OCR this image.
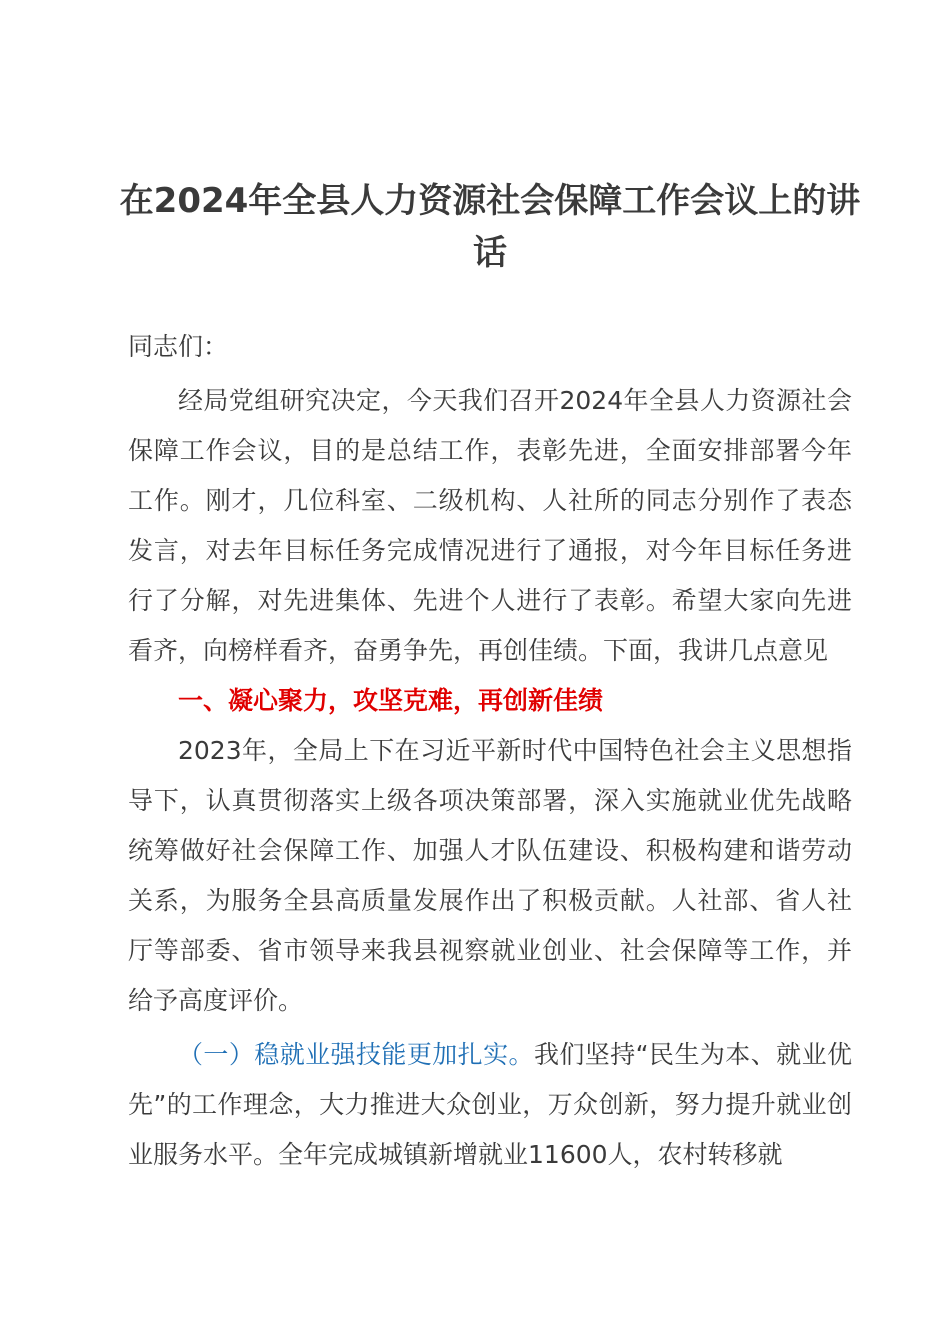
在2024年全县人力资源社会保障工作会议上的讲话

同志们：

经局党组研究决定，今天我们召开2024年全县人力资源社会保障工作会议，目的是总结工作，表彰先进，全面安排部署今年工作。刚才，几位科室、二级机构、人社所的同志分别作了表态发言，对去年目标任务完成情况进行了通报，对今年目标任务进行了分解，对先进集体、先进个人进行了表彰。希望大家向先进看齐，向榜样看齐，奋勇争先，再创佳绩。下面，我讲几点意见

一、凝心聚力，攻坚克难，再创新佳绩

2023年，全局上下在习近平新时代中国特色社会主义思想指导下，认真贯彻落实上级各项决策部署，深入实施就业优先战略统筹做好社会保障工作、加强人才队伍建设、积极构建和谐劳动关系，为服务全县高质量发展作出了积极贡献。人社部、省人社厅等部委、省市领导来我县视察就业创业、社会保障等工作，并给予高度评价。

（一）稳就业强技能更加扎实。我们坚持“民生为本、就业优先”的工作理念，大力推进大众创业，万众创新，努力提升就业创业服务水平。全年完成城镇新增就业11600人，农村转移就
